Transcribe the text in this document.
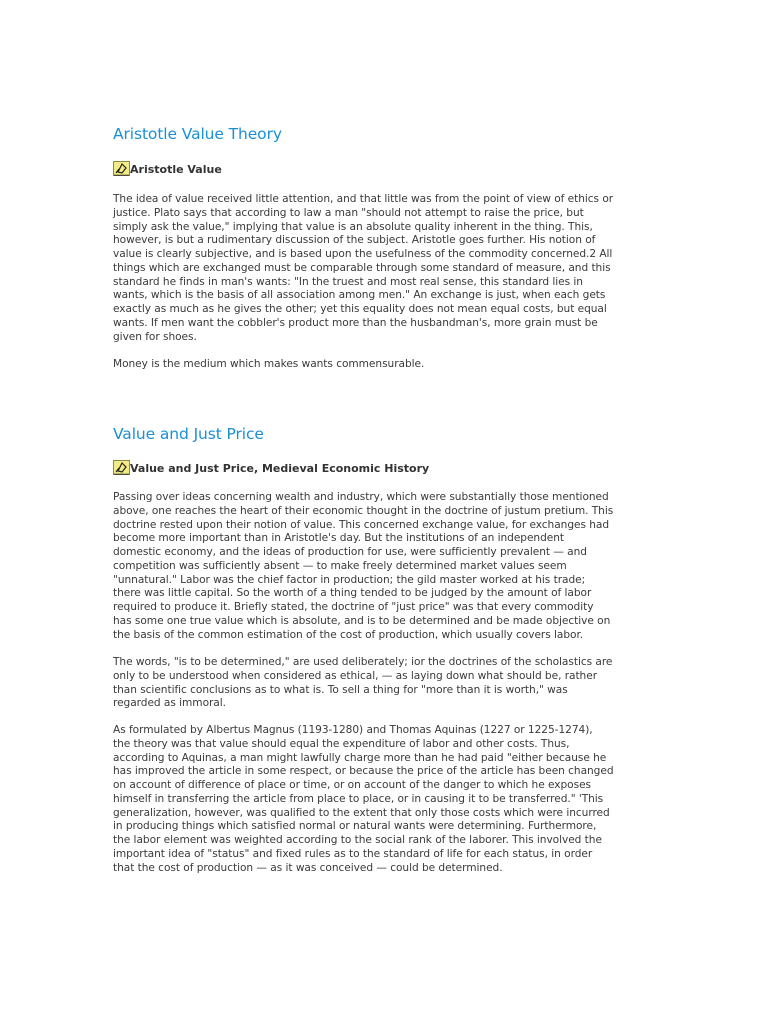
Aristotle Value Theory
Aristotle Value

The idea of value received little attention, and that little was from the point of view of ethics or
justice. Plato says that according to law a man "should not attempt to raise the price, but
simply ask the value," implying that value is an absolute quality inherent in the thing. This,
however, is but a rudimentary discussion of the subject. Aristotle goes further. His notion of
value is clearly subjective, and is based upon the usefulness of the commodity concerned.2 All
things which are exchanged must be comparable through some standard of measure, and this
standard he finds in man's wants: "In the truest and most real sense, this standard lies in
wants, which is the basis of all association among men." An exchange is just, when each gets
exactly as much as he gives the other; yet this equality does not mean equal costs, but equal
wants. If men want the cobbler's product more than the husbandman's, more grain must be
given for shoes.

Money is the medium which makes wants commensurable.

Value and Just Price
Value and Just Price, Medieval Economic History

Passing over ideas concerning wealth and industry, which were substantially those mentioned
above, one reaches the heart of their economic thought in the doctrine of justum pretium. This
doctrine rested upon their notion of value. This concerned exchange value, for exchanges had
become more important than in Aristotle's day. But the institutions of an independent
domestic economy, and the ideas of production for use, were sufficiently prevalent — and
competition was sufficiently absent — to make freely determined market values seem
"unnatural." Labor was the chief factor in production; the gild master worked at his trade;
there was little capital. So the worth of a thing tended to be judged by the amount of labor
required to produce it. Briefly stated, the doctrine of "just price" was that every commodity
has some one true value which is absolute, and is to be determined and be made objective on
the basis of the common estimation of the cost of production, which usually covers labor.

The words, "is to be determined," are used deliberately; ior the doctrines of the scholastics are
only to be understood when considered as ethical, — as laying down what should be, rather
than scientific conclusions as to what is. To sell a thing for "more than it is worth," was
regarded as immoral.

As formulated by Albertus Magnus (1193-1280) and Thomas Aquinas (1227 or 1225-1274),
the theory was that value should equal the expenditure of labor and other costs. Thus,
according to Aquinas, a man might lawfully charge more than he had paid "either because he
has improved the article in some respect, or because the price of the article has been changed
on account of difference of place or time, or on account of the danger to which he exposes
himself in transferring the article from place to place, or in causing it to be transferred." 'This
generalization, however, was qualified to the extent that only those costs which were incurred
in producing things which satisfied normal or natural wants were determining. Furthermore,
the labor element was weighted according to the social rank of the laborer. This involved the
important idea of "status" and fixed rules as to the standard of life for each status, in order
that the cost of production — as it was conceived — could be determined.
